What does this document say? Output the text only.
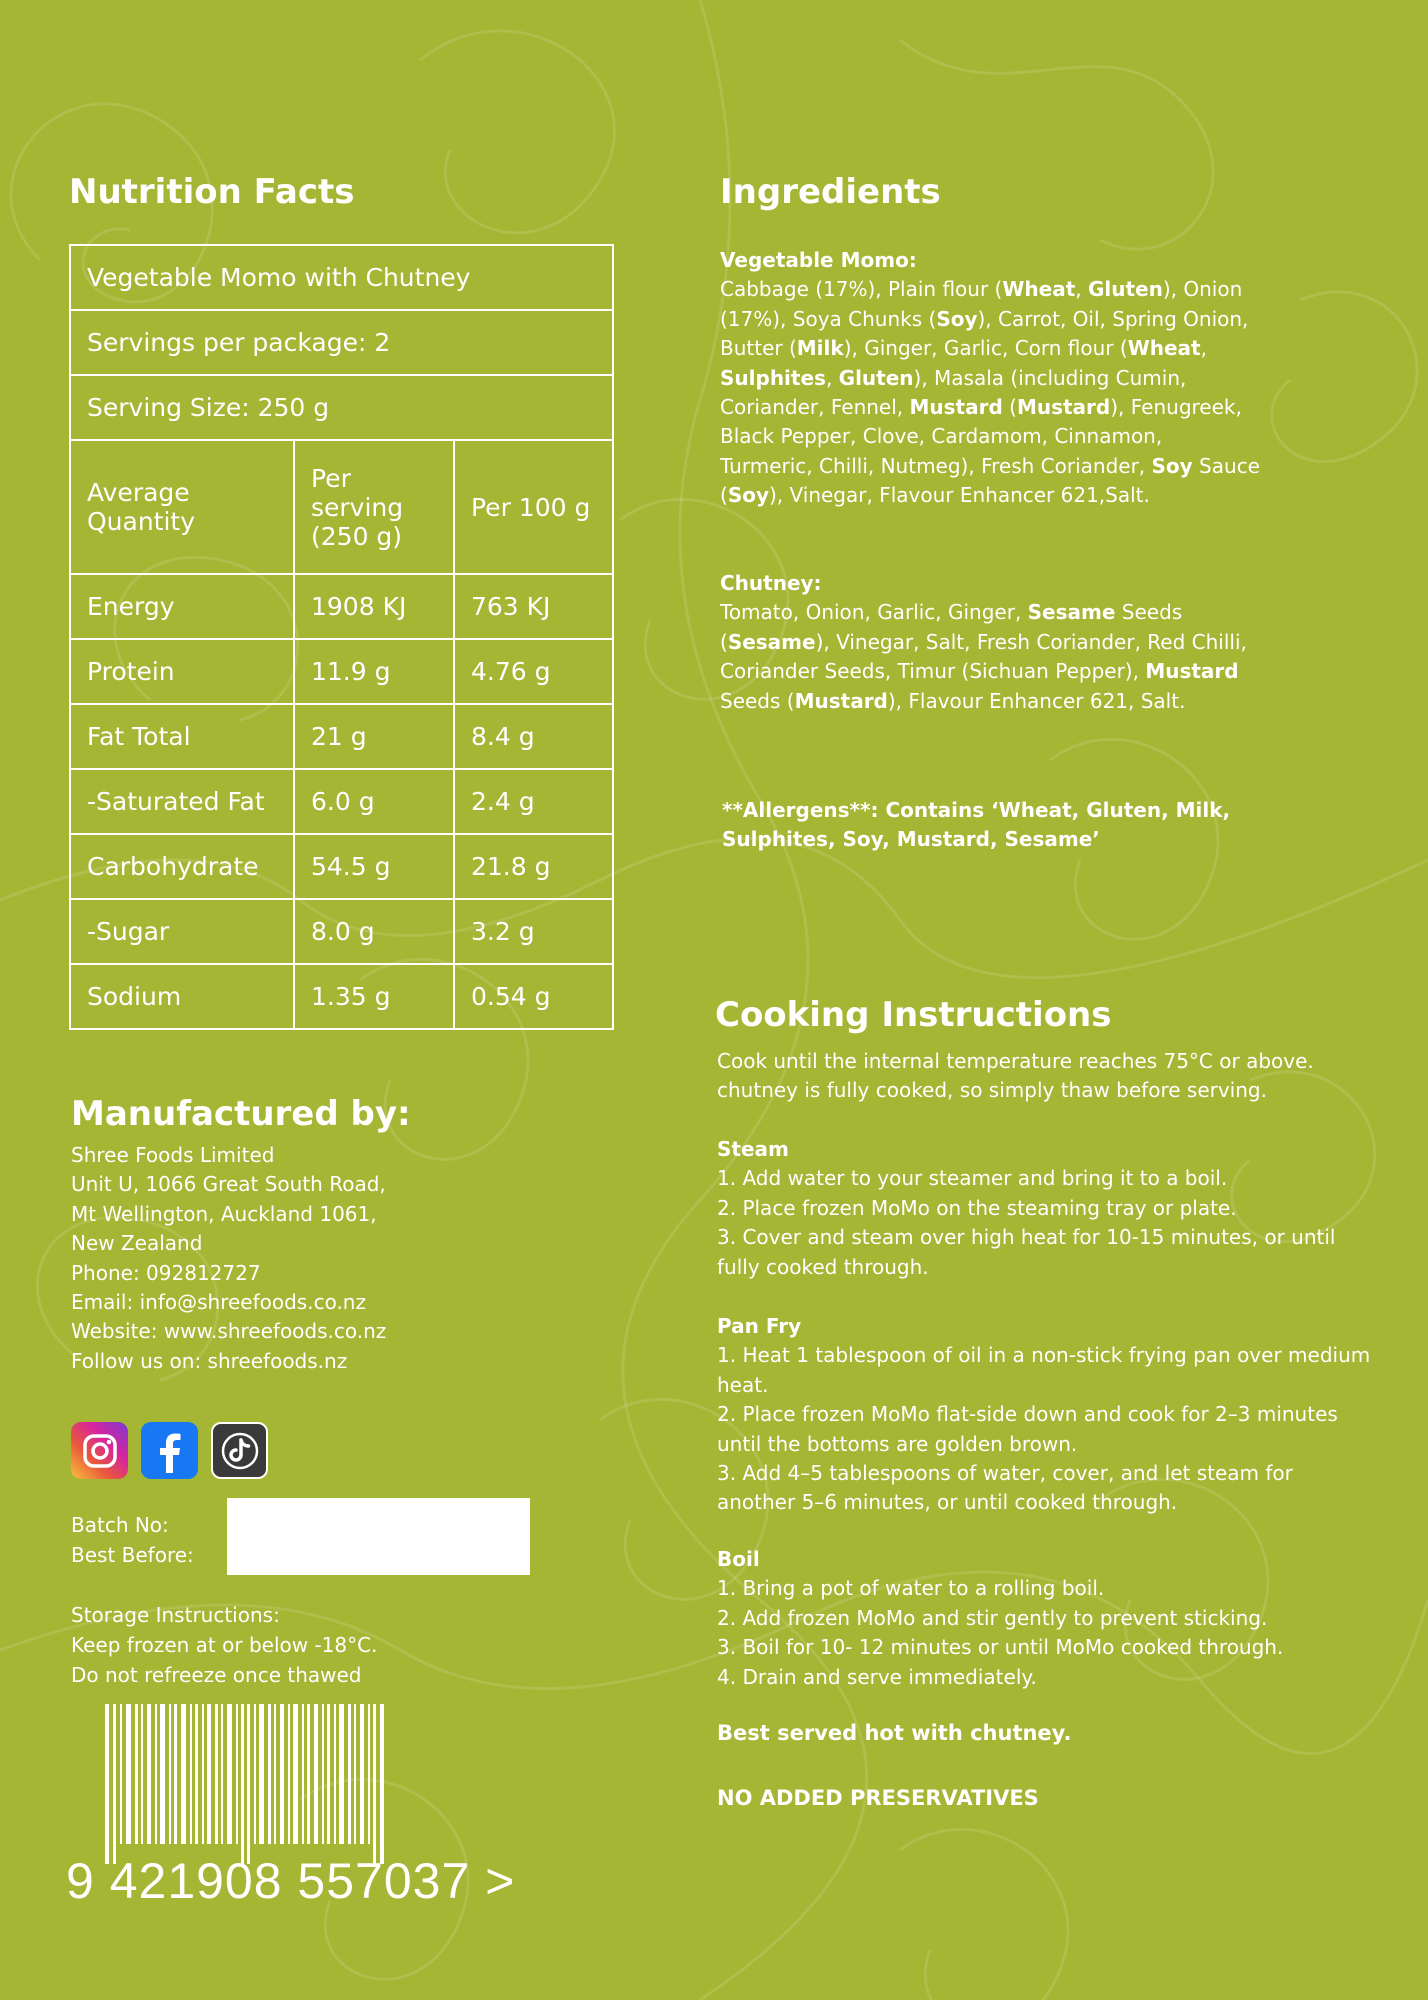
Nutrition Facts
Vegetable Momo with Chutney		
Servings per package: 2		
Serving Size: 250 g		
Average Quantity	Per serving (250 g)	Per 100 g
Energy	1908 KJ	763 KJ
Protein	11.9 g	4.76 g
Fat Total	21 g	8.4 g
-Saturated Fat	6.0 g	2.4 g
Carbohydrate	54.5 g	21.8 g
-Sugar	8.0 g	3.2 g
Sodium	1.35 g	0.54 g
Manufactured by:
Shree Foods Limited
Unit U, 1066 Great South Road,
Mt Wellington, Auckland 1061,
New Zealand
Phone: 092812727
Email: info@shreefoods.co.nz
Website: www.shreefoods.co.nz
Follow us on: shreefoods.nz
Batch No:
Best Before:
Storage Instructions:
Keep frozen at or below -18°C.
Do not refreeze once thawed
9 421908 557037 >
Ingredients
Vegetable Momo:
Cabbage (17%), Plain flour (Wheat, Gluten), Onion (17%), Soya Chunks (Soy), Carrot, Oil, Spring Onion, Butter (Milk), Ginger, Garlic, Corn flour (Wheat, Sulphites, Gluten), Masala (including Cumin, Coriander, Fennel, Mustard (Mustard), Fenugreek, Black Pepper, Clove, Cardamom, Cinnamon, Turmeric, Chilli, Nutmeg), Fresh Coriander, Soy Sauce (Soy), Vinegar, Flavour Enhancer 621,Salt.
Chutney:
Tomato, Onion, Garlic, Ginger, Sesame Seeds (Sesame), Vinegar, Salt, Fresh Coriander, Red Chilli, Coriander Seeds, Timur (Sichuan Pepper), Mustard Seeds (Mustard), Flavour Enhancer 621, Salt.
**Allergens**: Contains ‘Wheat, Gluten, Milk, Sulphites, Soy, Mustard, Sesame’
Cooking Instructions
Cook until the internal temperature reaches 75°C or above.
chutney is fully cooked, so simply thaw before serving.
Steam
1. Add water to your steamer and bring it to a boil.
2. Place frozen MoMo on the steaming tray or plate.
3. Cover and steam over high heat for 10-15 minutes, or until fully cooked through.
Pan Fry
1. Heat 1 tablespoon of oil in a non-stick frying pan over medium heat.
2. Place frozen MoMo flat-side down and cook for 2–3 minutes until the bottoms are golden brown.
3. Add 4–5 tablespoons of water, cover, and let steam for another 5–6 minutes, or until cooked through.
Boil
1. Bring a pot of water to a rolling boil.
2. Add frozen MoMo and stir gently to prevent sticking.
3. Boil for 10- 12 minutes or until MoMo cooked through.
4. Drain and serve immediately.
Best served hot with chutney.
NO ADDED PRESERVATIVES
